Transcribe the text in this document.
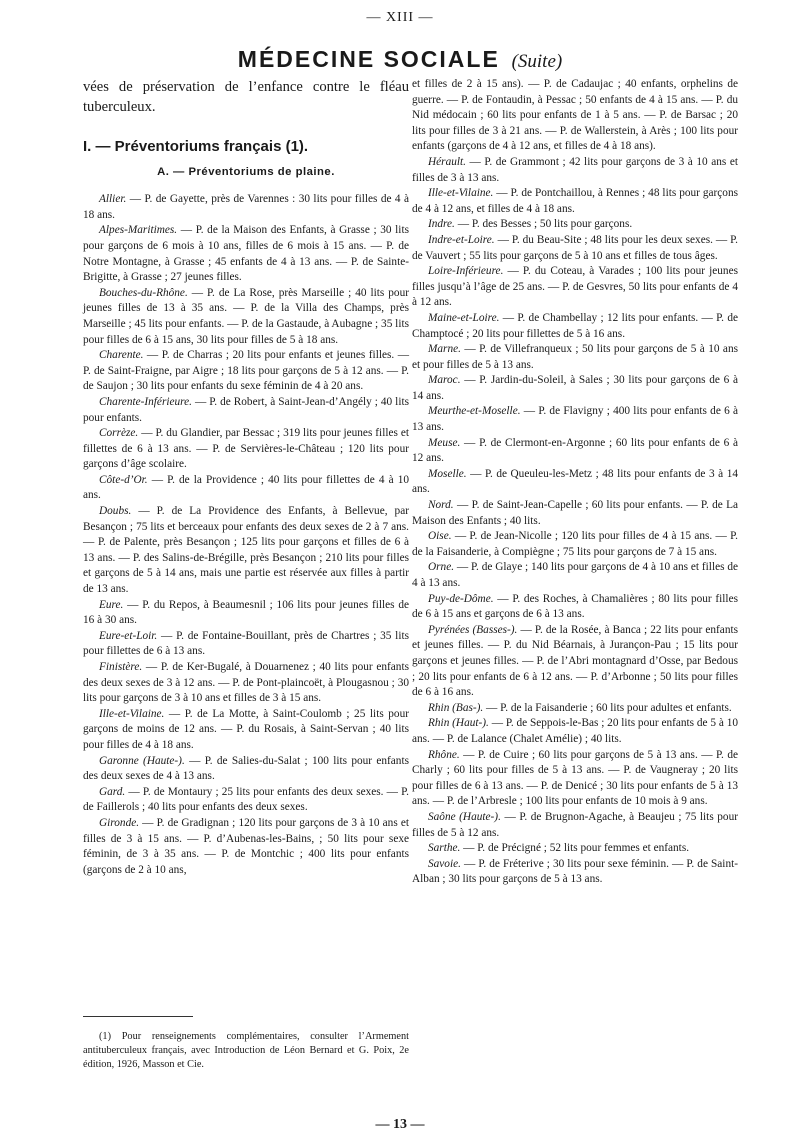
— XIII —
MÉDECINE SOCIALE (Suite)

vées de préservation de l’enfance contre le fléau tuberculeux.

I. — Préventoriums français (1).

A. — Préventoriums de plaine.

Allier. — P. de Gayette, près de Varennes : 30 lits pour filles de 4 à 18 ans.

Alpes-Maritimes. — P. de la Maison des Enfants, à Grasse ; 30 lits pour garçons de 6 mois à 10 ans, filles de 6 mois à 15 ans. — P. de Notre Montagne, à Grasse ; 45 enfants de 4 à 13 ans. — P. de Sainte-Brigitte, à Grasse ; 27 jeunes filles.

Bouches-du-Rhône. — P. de La Rose, près Marseille ; 40 lits pour jeunes filles de 13 à 35 ans. — P. de la Villa des Champs, près Marseille ; 45 lits pour enfants. — P. de la Gastaude, à Aubagne ; 35 lits pour filles de 6 à 15 ans, 30 lits pour filles de 5 à 18 ans.

Charente. — P. de Charras ; 20 lits pour enfants et jeunes filles. — P. de Saint-Fraigne, par Aigre ; 18 lits pour garçons de 5 à 12 ans. — P. de Saujon ; 30 lits pour enfants du sexe féminin de 4 à 20 ans.

Charente-Inférieure. — P. de Robert, à Saint-Jean-d’Angély ; 40 lits pour enfants.

Corrèze. — P. du Glandier, par Bessac ; 319 lits pour jeunes filles et fillettes de 6 à 13 ans. — P. de Servières-le-Château ; 120 lits pour garçons d’âge scolaire.

Côte-d’Or. — P. de la Providence ; 40 lits pour fillettes de 4 à 10 ans.

Doubs. — P. de La Providence des Enfants, à Bellevue, par Besançon ; 75 lits et berceaux pour enfants des deux sexes de 2 à 7 ans. — P. de Palente, près Besançon ; 125 lits pour garçons et filles de 6 à 13 ans. — P. des Salins-de-Brégille, près Besançon ; 210 lits pour filles et garçons de 5 à 14 ans, mais une partie est réservée aux filles à partir de 13 ans.

Eure. — P. du Repos, à Beaumesnil ; 106 lits pour jeunes filles de 16 à 30 ans.

Eure-et-Loir. — P. de Fontaine-Bouillant, près de Chartres ; 35 lits pour fillettes de 6 à 13 ans.

Finistère. — P. de Ker-Bugalé, à Douarnenez ; 40 lits pour enfants des deux sexes de 3 à 12 ans. — P. de Pont-plaincoët, à Plougasnou ; 30 lits pour garçons de 3 à 10 ans et filles de 3 à 15 ans.

Ille-et-Vilaine. — P. de La Motte, à Saint-Coulomb ; 25 lits pour garçons de moins de 12 ans. — P. du Rosais, à Saint-Servan ; 40 lits pour filles de 4 à 18 ans.

Garonne (Haute-). — P. de Salies-du-Salat ; 100 lits pour enfants des deux sexes de 4 à 13 ans.

Gard. — P. de Montaury ; 25 lits pour enfants des deux sexes. — P. de Faillerols ; 40 lits pour enfants des deux sexes.

Gironde. — P. de Gradignan ; 120 lits pour garçons de 3 à 10 ans et filles de 3 à 15 ans. — P. d’Aubenas-les-Bains, ; 50 lits pour sexe féminin, de 3 à 35 ans. — P. de Montchic ; 400 lits pour enfants (garçons de 2 à 10 ans,

et filles de 2 à 15 ans). — P. de Cadaujac ; 40 enfants, orphelins de guerre. — P. de Fontaudin, à Pessac ; 50 enfants de 4 à 15 ans. — P. du Nid médocain ; 60 lits pour enfants de 1 à 5 ans. — P. de Barsac ; 20 lits pour filles de 3 à 21 ans. — P. de Wallerstein, à Arès ; 100 lits pour enfants (garçons de 4 à 12 ans, et filles de 4 à 18 ans).

Hérault. — P. de Grammont ; 42 lits pour garçons de 3 à 10 ans et filles de 3 à 13 ans.

Ille-et-Vilaine. — P. de Pontchaillou, à Rennes ; 48 lits pour garçons de 4 à 12 ans, et filles de 4 à 18 ans.

Indre. — P. des Besses ; 50 lits pour garçons.

Indre-et-Loire. — P. du Beau-Site ; 48 lits pour les deux sexes. — P. de Vauvert ; 55 lits pour garçons de 5 à 10 ans et filles de tous âges.

Loire-Inférieure. — P. du Coteau, à Varades ; 100 lits pour jeunes filles jusqu’à l’âge de 25 ans. — P. de Gesvres, 50 lits pour enfants de 4 à 12 ans.

Maine-et-Loire. — P. de Chambellay ; 12 lits pour enfants. — P. de Champtocé ; 20 lits pour fillettes de 5 à 16 ans.

Marne. — P. de Villefranqueux ; 50 lits pour garçons de 5 à 10 ans et pour filles de 5 à 13 ans.

Maroc. — P. Jardin-du-Soleil, à Sales ; 30 lits pour garçons de 6 à 14 ans.

Meurthe-et-Moselle. — P. de Flavigny ; 400 lits pour enfants de 6 à 13 ans.

Meuse. — P. de Clermont-en-Argonne ; 60 lits pour enfants de 6 à 12 ans.

Moselle. — P. de Queuleu-les-Metz ; 48 lits pour enfants de 3 à 14 ans.

Nord. — P. de Saint-Jean-Capelle ; 60 lits pour enfants. — P. de La Maison des Enfants ; 40 lits.

Oise. — P. de Jean-Nicolle ; 120 lits pour filles de 4 à 15 ans. — P. de la Faisanderie, à Compiègne ; 75 lits pour garçons de 7 à 15 ans.

Orne. — P. de Glaye ; 140 lits pour garçons de 4 à 10 ans et filles de 4 à 13 ans.

Puy-de-Dôme. — P. des Roches, à Chamalières ; 80 lits pour filles de 6 à 15 ans et garçons de 6 à 13 ans.

Pyrénées (Basses-). — P. de la Rosée, à Banca ; 22 lits pour enfants et jeunes filles. — P. du Nid Béarnais, à Jurançon-Pau ; 15 lits pour garçons et jeunes filles. — P. de l’Abri montagnard d’Osse, par Bedous ; 20 lits pour enfants de 6 à 12 ans. — P. d’Arbonne ; 50 lits pour filles de 6 à 16 ans.

Rhin (Bas-). — P. de la Faisanderie ; 60 lits pour adultes et enfants.

Rhin (Haut-). — P. de Seppois-le-Bas ; 20 lits pour enfants de 5 à 10 ans. — P. de Lalance (Chalet Amélie) ; 40 lits.

Rhône. — P. de Cuire ; 60 lits pour garçons de 5 à 13 ans. — P. de Charly ; 60 lits pour filles de 5 à 13 ans. — P. de Vaugneray ; 20 lits pour filles de 6 à 13 ans. — P. de Denicé ; 30 lits pour enfants de 5 à 13 ans. — P. de l’Arbresle ; 100 lits pour enfants de 10 mois à 9 ans.

Saône (Haute-). — P. de Brugnon-Agache, à Beaujeu ; 75 lits pour filles de 5 à 12 ans.

Sarthe. — P. de Précigné ; 52 lits pour femmes et enfants.

Savoie. — P. de Fréterive ; 30 lits pour sexe féminin. — P. de Saint-Alban ; 30 lits pour garçons de 5 à 13 ans.

(1) Pour renseignements complémentaires, consulter l’Armement antituberculeux français, avec Introduction de Léon Bernard et G. Poix, 2e édition, 1926, Masson et Cie.
— 13 —
